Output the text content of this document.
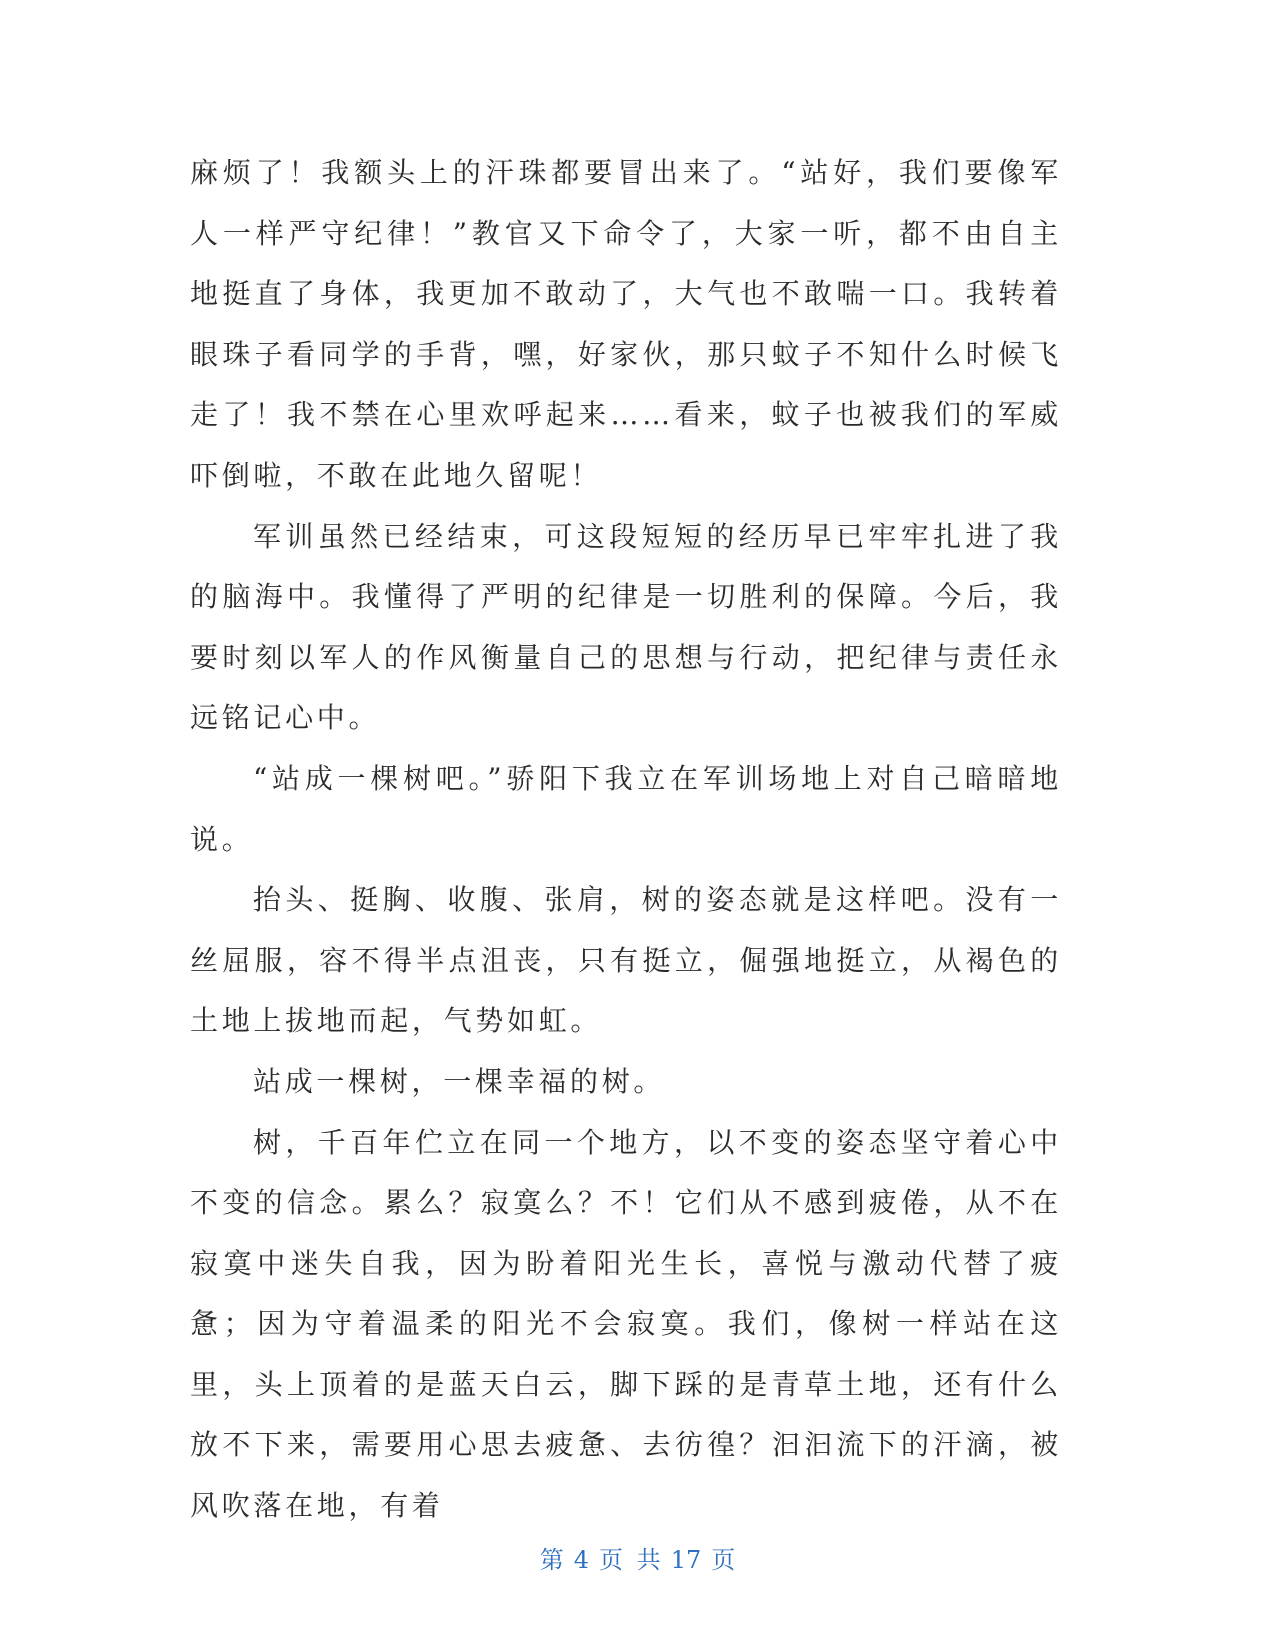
麻烦了！我额头上的汗珠都要冒出来了。“站好，我们要像军人一样严守纪律！”教官又下命令了，大家一听，都不由自主地挺直了身体，我更加不敢动了，大气也不敢喘一口。我转着眼珠子看同学的手背，嘿，好家伙，那只蚊子不知什么时候飞走了！我不禁在心里欢呼起来……看来，蚊子也被我们的军威吓倒啦，不敢在此地久留呢！

军训虽然已经结束，可这段短短的经历早已牢牢扎进了我的脑海中。我懂得了严明的纪律是一切胜利的保障。今后，我要时刻以军人的作风衡量自己的思想与行动，把纪律与责任永远铭记心中。

“站成一棵树吧。”骄阳下我立在军训场地上对自己暗暗地说。

抬头、挺胸、收腹、张肩，树的姿态就是这样吧。没有一丝屈服，容不得半点沮丧，只有挺立，倔强地挺立，从褐色的土地上拔地而起，气势如虹。

站成一棵树，一棵幸福的树。

树，千百年伫立在同一个地方，以不变的姿态坚守着心中不变的信念。累么？寂寞么？不！它们从不感到疲倦，从不在寂寞中迷失自我，因为盼着阳光生长，喜悦与激动代替了疲惫；因为守着温柔的阳光不会寂寞。我们，像树一样站在这里，头上顶着的是蓝天白云，脚下踩的是青草土地，还有什么放不下来，需要用心思去疲惫、去彷徨？汩汩流下的汗滴，被风吹落在地，有着

第 4 页 共 17 页
